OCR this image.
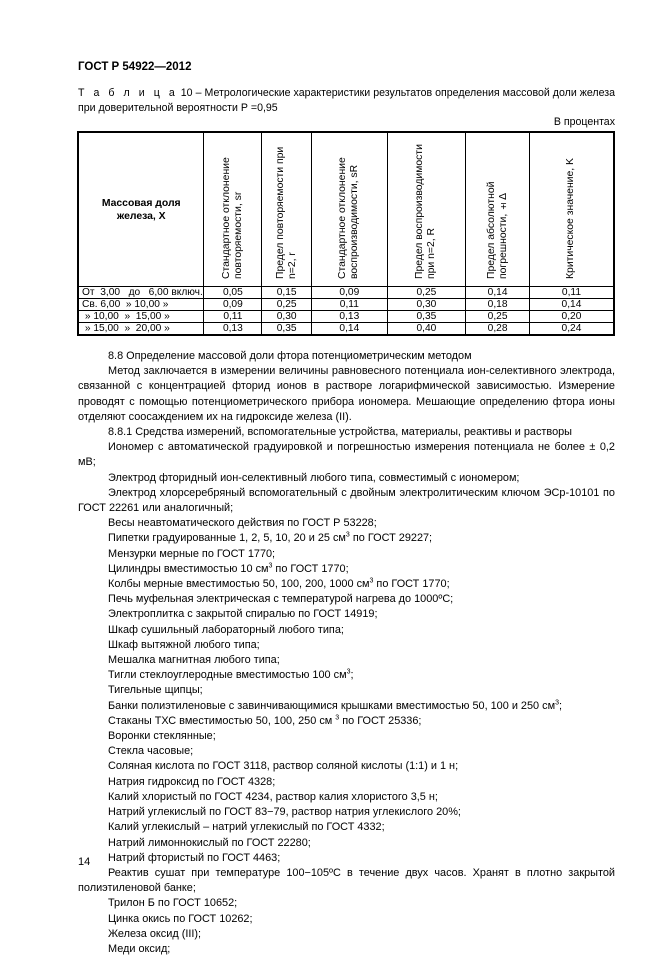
ГОСТ Р 54922—2012
Т а б л и ц а 10 – Метрологические характеристики результатов определения массовой доли железа при доверительной вероятности Р =0,95
В процентах
Массовая доля железа, X	Стандартное отклонение повторяемости, sr	Предел повторяемости при n=2, r	Стандартное отклонение воспроизводимости, sR	Предел воспроизводимости при n=2, R	Предел абсолютной погрешности, ±Δ	Критическое значение, K
От  3,00   до   6,00 включ.	0,05	0,15	0,09	0,25	0,14	0,11
Св. 6,00  » 10,00 »	0,09	0,25	0,11	0,30	0,18	0,14
» 10,00  »  15,00 »	0,11	0,30	0,13	0,35	0,25	0,20
» 15,00  »  20,00 »	0,13	0,35	0,14	0,40	0,28	0,24

8.8 Определение массовой доли фтора потенциометрическим методом

Метод заключается в измерении величины равновесного потенциала ион-селективного электрода, связанной с концентрацией фторид ионов в растворе логарифмической зависимостью. Измерение проводят с помощью потенциометрического прибора иономера. Мешающие определению фтора ионы отделяют соосаждением их на гидроксиде железа (II).

8.8.1 Средства измерений, вспомогательные устройства, материалы, реактивы и растворы

Иономер с автоматической градуировкой и погрешностью измерения потенциала не более ± 0,2 мВ;

Электрод фторидный ион-селективный любого типа, совместимый с иономером;

Электрод хлорсеребряный вспомогательный с двойным электролитическим ключом ЭСр-10101 по ГОСТ 22261 или аналогичный;

Весы неавтоматического действия по ГОСТ Р 53228;

Пипетки градуированные 1, 2, 5, 10, 20 и 25 $см^3$ по ГОСТ 29227;

Мензурки мерные по ГОСТ 1770;

Цилиндры вместимостью 10 $см^3$ по ГОСТ 1770;

Колбы мерные вместимостью 50, 100, 200, 1000 $см^3$ по ГОСТ 1770;

Печь муфельная электрическая с температурой нагрева до 1000ºС;

Электроплитка с закрытой спиралью по ГОСТ 14919;

Шкаф сушильный лабораторный любого типа;

Шкаф вытяжной любого типа;

Мешалка магнитная любого типа;

Тигли стеклоуглеродные вместимостью 100 $см^3$;

Тигельные щипцы;

Банки полиэтиленовые с завинчивающимися крышками вместимостью 50, 100 и 250 $см^3$;

Стаканы ТХС вместимостью 50, 100, 250 см $^3$ по ГОСТ 25336;

Воронки стеклянные;

Стекла часовые;

Соляная кислота по ГОСТ 3118, раствор соляной кислоты (1:1) и 1 н;

Натрия гидроксид по ГОСТ 4328;

Калий хлористый по ГОСТ 4234, раствор калия хлористого 3,5 н;

Натрий углекислый по ГОСТ 83−79, раствор натрия углекислого 20%;

Калий углекислый – натрий углекислый по ГОСТ 4332;

Натрий лимоннокислый по ГОСТ 22280;

Натрий фтористый по ГОСТ 4463;

Реактив сушат при температуре 100−105ºС в течение двух часов. Хранят в плотно закрытой полиэтиленовой банке;

Трилон Б по ГОСТ 10652;

Цинка окись по ГОСТ 10262;

Железа оксид (III);

Меди оксид;

14
